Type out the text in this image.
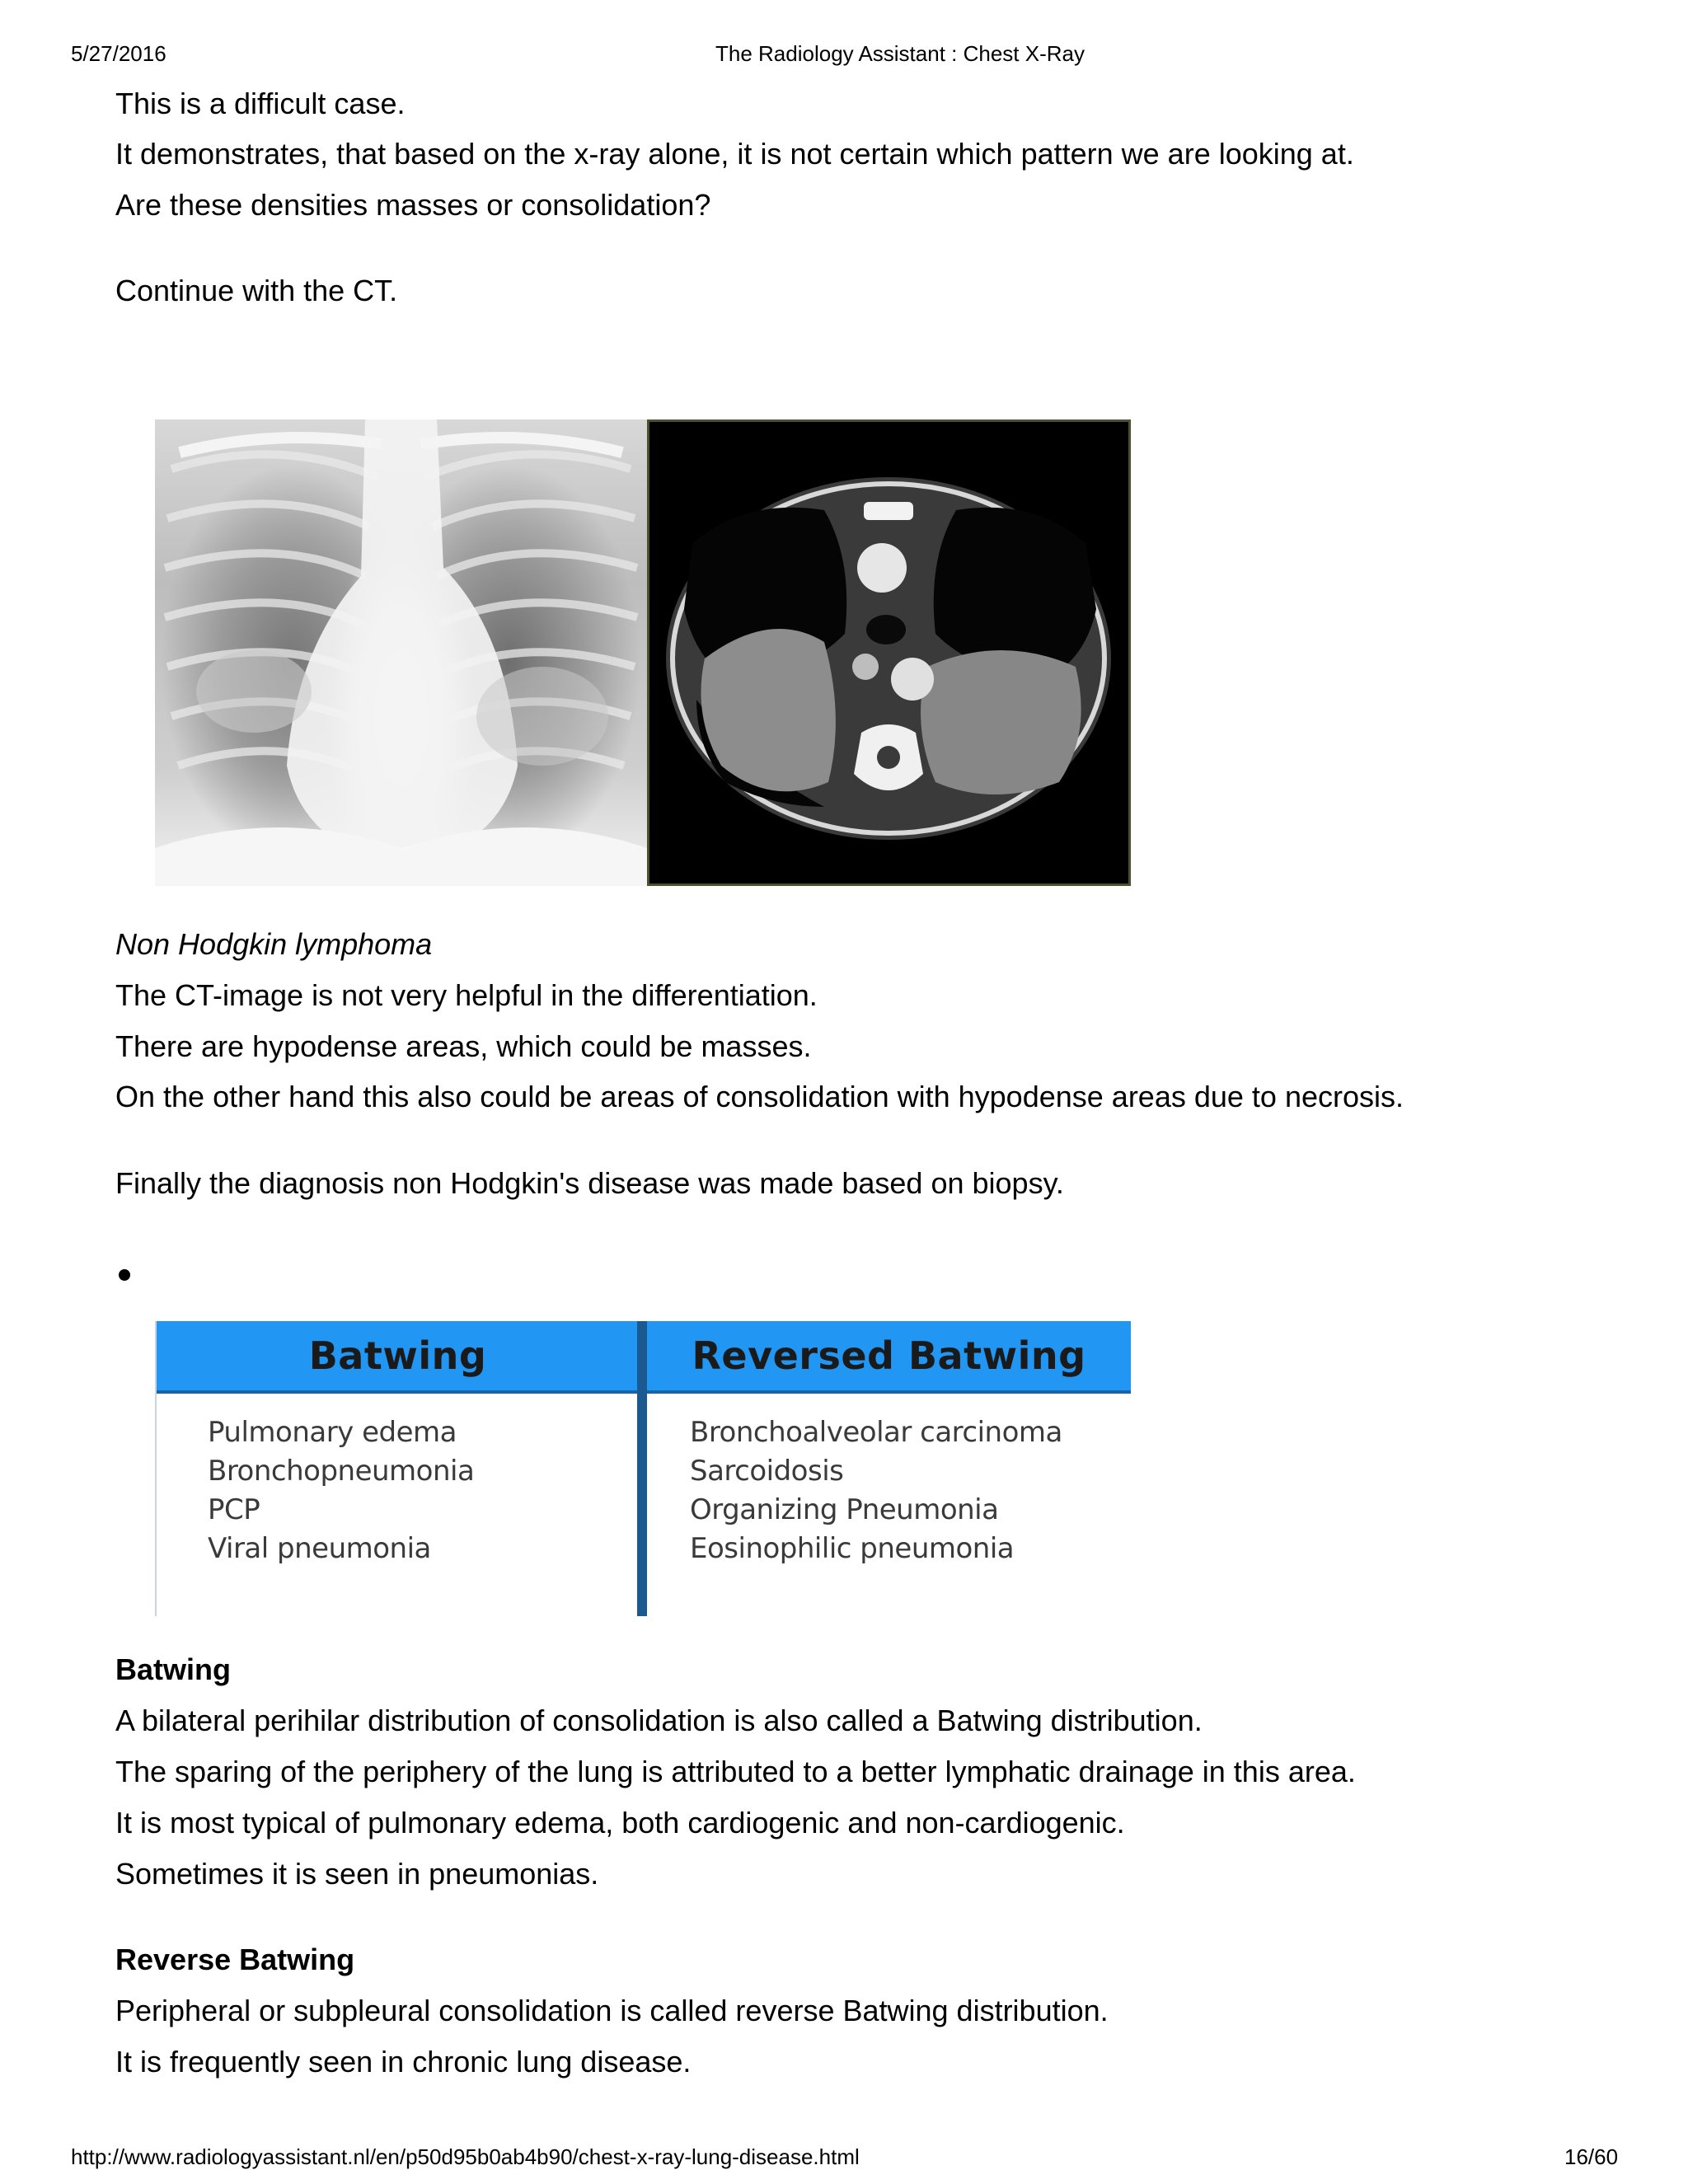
5/27/2016	The Radiology Assistant : Chest X-Ray
This is a difficult case.
It demonstrates, that based on the x-ray alone, it is not certain which pattern we are looking at.
Are these densities masses or consolidation?
Continue with the CT.
Non Hodgkin lymphoma
The CT-image is not very helpful in the differentiation.
There are hypodense areas, which could be masses.
On the other hand this also could be areas of consolidation with hypodense areas due to necrosis.
Finally the diagnosis non Hodgkin's disease was made based on biopsy.
Batwing
A bilateral perihilar distribution of consolidation is also called a Batwing distribution.
The sparing of the periphery of the lung is attributed to a better lymphatic drainage in this area.
It is most typical of pulmonary edema, both cardiogenic and non-cardiogenic.
Sometimes it is seen in pneumonias.
Reverse Batwing
Peripheral or subpleural consolidation is called reverse Batwing distribution.
It is frequently seen in chronic lung disease.
Batwing
Pulmonary edema
Bronchopneumonia
PCP
Viral pneumonia
Reversed Batwing
Bronchoalveolar carcinoma
Sarcoidosis
Organizing Pneumonia
Eosinophilic pneumonia
http://www.radiologyassistant.nl/en/p50d95b0ab4b90/chest-x-ray-lung-disease.html	16/60
